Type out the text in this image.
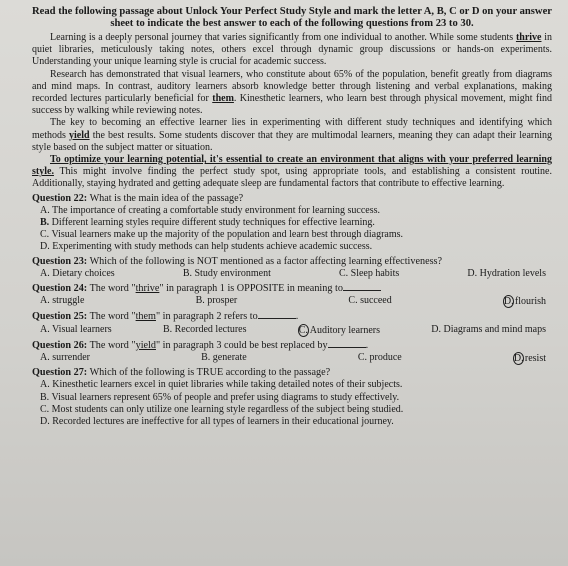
Read the following passage about Unlock Your Perfect Study Style and mark the letter A, B, C or D on your answer sheet to indicate the best answer to each of the following questions from 23 to 30.

Learning is a deeply personal journey that varies significantly from one individual to another. While some students thrive in quiet libraries, meticulously taking notes, others excel through dynamic group discussions or hands-on experiments. Understanding your unique learning style is crucial for academic success.

Research has demonstrated that visual learners, who constitute about 65% of the population, benefit greatly from diagrams and mind maps. In contrast, auditory learners absorb knowledge better through listening and verbal explanations, making recorded lectures particularly beneficial for them. Kinesthetic learners, who learn best through physical movement, might find success by walking while reviewing notes.

The key to becoming an effective learner lies in experimenting with different study techniques and identifying which methods yield the best results. Some students discover that they are multimodal learners, meaning they can adapt their learning style based on the subject matter or situation.

To optimize your learning potential, it's essential to create an environment that aligns with your preferred learning style. This might involve finding the perfect study spot, using appropriate tools, and establishing a consistent routine. Additionally, staying hydrated and getting adequate sleep are fundamental factors that contribute to effective learning.

Question 22: What is the main idea of the passage?
A. The importance of creating a comfortable study environment for learning success.
B. Different learning styles require different study techniques for effective learning.
C. Visual learners make up the majority of the population and learn best through diagrams.
D. Experimenting with study methods can help students achieve academic success.
Question 23: Which of the following is NOT mentioned as a factor affecting learning effectiveness?
A. Dietary choices	B. Study environment	C. Sleep habits	D. Hydration levels
Question 24: The word "thrive" in paragraph 1 is OPPOSITE in meaning to
A. struggle	B. prosper	C. succeed	D.flourish
Question 25: The word "them" in paragraph 2 refers to	.
A. Visual learners	B. Recorded lectures	C. Auditory learners	D. Diagrams and mind maps
Question 26: The word "yield" in paragraph 3 could be best replaced by	.
A. surrender	B. generate	C. produce	D.resist
Question 27: Which of the following is TRUE according to the passage?
A. Kinesthetic learners excel in quiet libraries while taking detailed notes of their subjects.
B. Visual learners represent 65% of people and prefer using diagrams to study effectively.
C. Most students can only utilize one learning style regardless of the subject being studied.
D. Recorded lectures are ineffective for all types of learners in their educational journey.
